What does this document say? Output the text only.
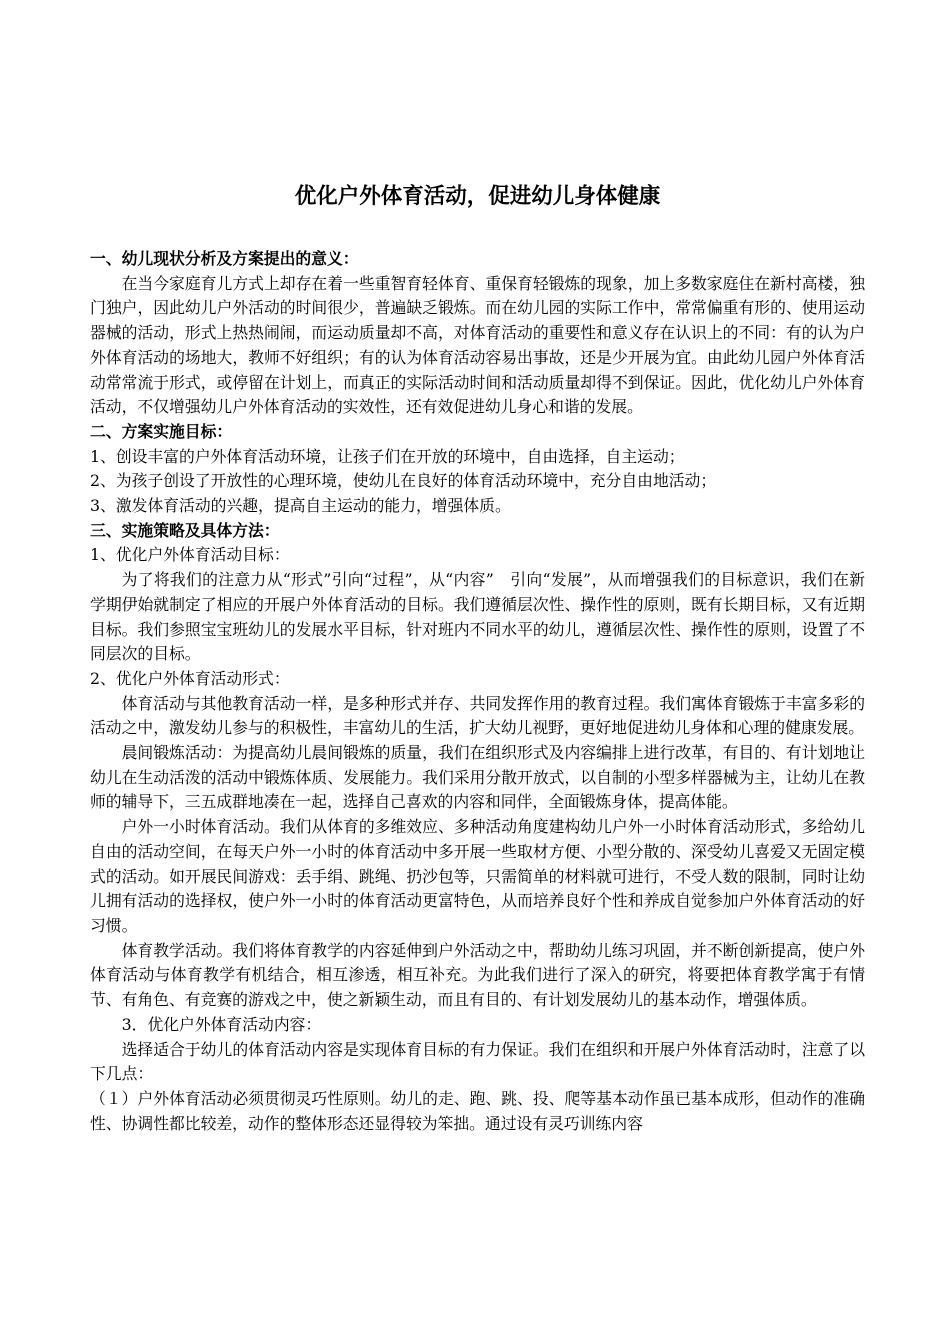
优化户外体育活动，促进幼儿身体健康

一、幼儿现状分析及方案提出的意义：

在当今家庭育儿方式上却存在着一些重智育轻体育、重保育轻锻炼的现象，加上多数家庭住在新村高楼，独门独户，因此幼儿户外活动的时间很少，普遍缺乏锻炼。而在幼儿园的实际工作中，常常偏重有形的、使用运动器械的活动，形式上热热闹闹，而运动质量却不高，对体育活动的重要性和意义存在认识上的不同：有的认为户外体育活动的场地大，教师不好组织；有的认为体育活动容易出事故，还是少开展为宜。由此幼儿园户外体育活动常常流于形式，或停留在计划上，而真正的实际活动时间和活动质量却得不到保证。因此，优化幼儿户外体育活动，不仅增强幼儿户外体育活动的实效性，还有效促进幼儿身心和谐的发展。

二、方案实施目标：

1、创设丰富的户外体育活动环境，让孩子们在开放的环境中，自由选择，自主运动；

2、为孩子创设了开放性的心理环境，使幼儿在良好的体育活动环境中，充分自由地活动；

3、激发体育活动的兴趣，提高自主运动的能力，增强体质。

三、实施策略及具体方法：

1、优化户外体育活动目标：

为了将我们的注意力从“形式”引向“过程”，从“内容”　引向“发展”，从而增强我们的目标意识，我们在新学期伊始就制定了相应的开展户外体育活动的目标。我们遵循层次性、操作性的原则，既有长期目标，又有近期目标。我们参照宝宝班幼儿的发展水平目标，针对班内不同水平的幼儿，遵循层次性、操作性的原则，设置了不同层次的目标。

2、优化户外体育活动形式：

体育活动与其他教育活动一样，是多种形式并存、共同发挥作用的教育过程。我们寓体育锻炼于丰富多彩的活动之中，激发幼儿参与的积极性，丰富幼儿的生活，扩大幼儿视野，更好地促进幼儿身体和心理的健康发展。

晨间锻炼活动：为提高幼儿晨间锻炼的质量，我们在组织形式及内容编排上进行改革，有目的、有计划地让幼儿在生动活泼的活动中锻炼体质、发展能力。我们采用分散开放式，以自制的小型多样器械为主，让幼儿在教师的辅导下，三五成群地凑在一起，选择自己喜欢的内容和同伴，全面锻炼身体，提高体能。

户外一小时体育活动。我们从体育的多维效应、多种活动角度建构幼儿户外一小时体育活动形式，多给幼儿自由的活动空间，在每天户外一小时的体育活动中多开展一些取材方便、小型分散的、深受幼儿喜爱又无固定模式的活动。如开展民间游戏：丢手绢、跳绳、扔沙包等，只需简单的材料就可进行，不受人数的限制，同时让幼儿拥有活动的选择权，使户外一小时的体育活动更富特色，从而培养良好个性和养成自觉参加户外体育活动的好习惯。

体育教学活动。我们将体育教学的内容延伸到户外活动之中，帮助幼儿练习巩固，并不断创新提高，使户外体育活动与体育教学有机结合，相互渗透，相互补充。为此我们进行了深入的研究，将要把体育教学寓于有情节、有角色、有竞赛的游戏之中，使之新颖生动，而且有目的、有计划发展幼儿的基本动作，增强体质。

3．优化户外体育活动内容：

选择适合于幼儿的体育活动内容是实现体育目标的有力保证。我们在组织和开展户外体育活动时，注意了以下几点：

（１）户外体育活动必须贯彻灵巧性原则。幼儿的走、跑、跳、投、爬等基本动作虽已基本成形，但动作的准确性、协调性都比较差，动作的整体形态还显得较为笨拙。通过设有灵巧训练内容
